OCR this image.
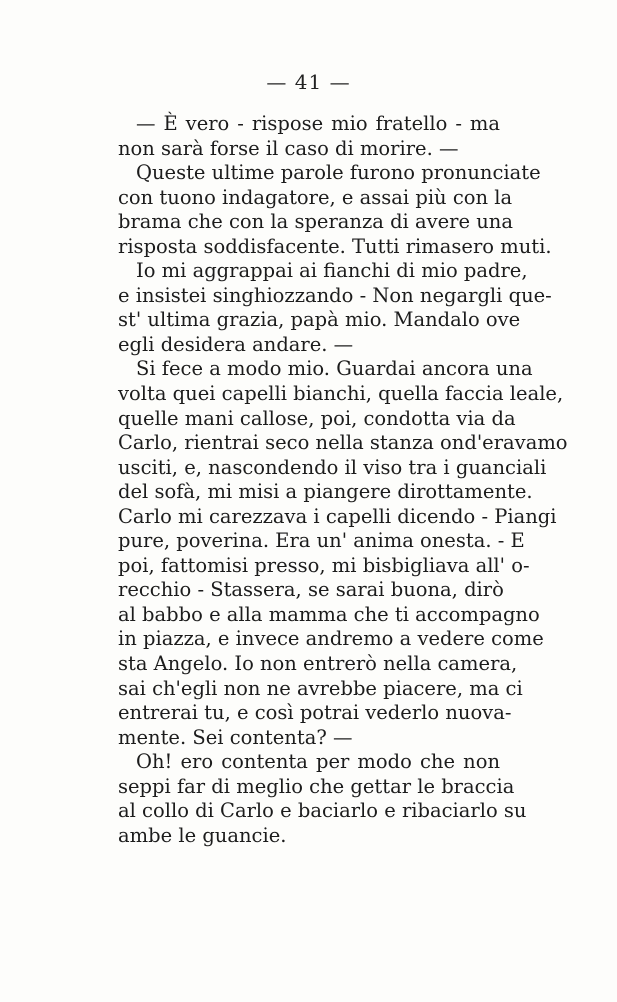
— 41 —
— È vero - rispose mio fratello - ma
non sarà forse il caso di morire. —
Queste ultime parole furono pronunciate
con tuono indagatore, e assai più con la
brama che con la speranza di avere una
risposta soddisfacente. Tutti rimasero muti.
Io mi aggrappai ai fianchi di mio padre,
e insistei singhiozzando - Non negargli que-
st' ultima grazia, papà mio. Mandalo ove
egli desidera andare. —
Si fece a modo mio. Guardai ancora una
volta quei capelli bianchi, quella faccia leale,
quelle mani callose, poi, condotta via da
Carlo, rientrai seco nella stanza ond'eravamo
usciti, e, nascondendo il viso tra i guanciali
del sofà, mi misi a piangere dirottamente.
Carlo mi carezzava i capelli dicendo - Piangi
pure, poverina. Era un' anima onesta. - E
poi, fattomisi presso, mi bisbigliava all' o-
recchio - Stassera, se sarai buona, dirò
al babbo e alla mamma che ti accompagno
in piazza, e invece andremo a vedere come
sta Angelo. Io non entrerò nella camera,
sai ch'egli non ne avrebbe piacere, ma ci
entrerai tu, e così potrai vederlo nuova-
mente. Sei contenta? —
Oh! ero contenta per modo che non
seppi far di meglio che gettar le braccia
al collo di Carlo e baciarlo e ribaciarlo su
ambe le guancie.
